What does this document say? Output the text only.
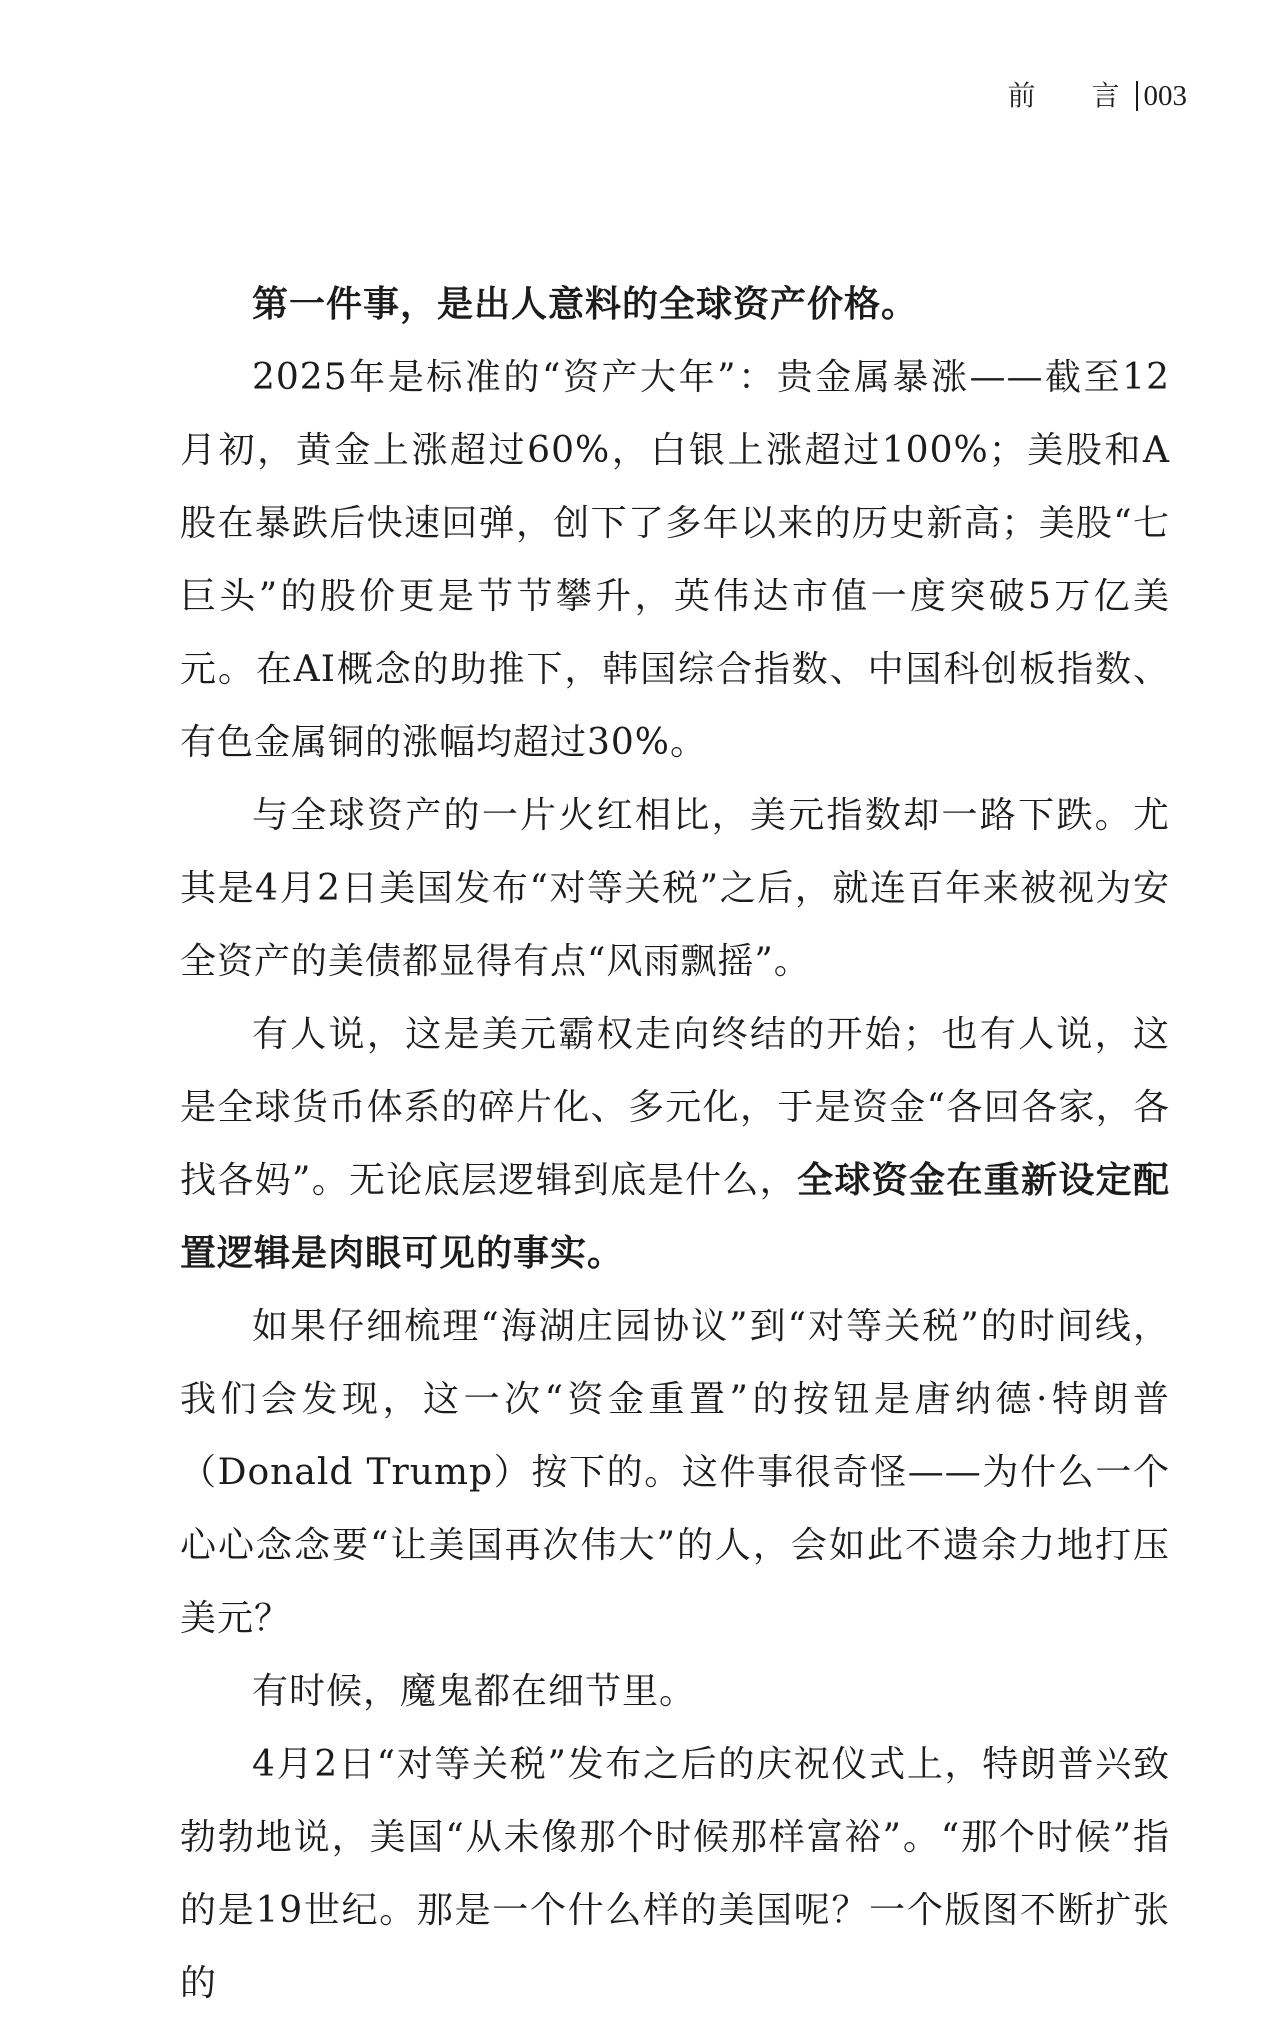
前　言 003

第一件事，是出人意料的全球资产价格。

2025年是标准的“资产大年”：贵金属暴涨——截至12月初，黄金上涨超过60%，白银上涨超过100%；美股和A股在暴跌后快速回弹，创下了多年以来的历史新高；美股“七巨头”的股价更是节节攀升，英伟达市值一度突破5万亿美元。在AI概念的助推下，韩国综合指数、中国科创板指数、有色金属铜的涨幅均超过30%。

与全球资产的一片火红相比，美元指数却一路下跌。尤其是4月2日美国发布“对等关税”之后，就连百年来被视为安全资产的美债都显得有点“风雨飘摇”。

有人说，这是美元霸权走向终结的开始；也有人说，这是全球货币体系的碎片化、多元化，于是资金“各回各家，各找各妈”。无论底层逻辑到底是什么，全球资金在重新设定配置逻辑是肉眼可见的事实。

如果仔细梳理“海湖庄园协议”到“对等关税”的时间线，我们会发现，这一次“资金重置”的按钮是唐纳德·特朗普（Donald Trump）按下的。这件事很奇怪——为什么一个心心念念要“让美国再次伟大”的人，会如此不遗余力地打压美元？

有时候，魔鬼都在细节里。

4月2日“对等关税”发布之后的庆祝仪式上，特朗普兴致勃勃地说，美国“从未像那个时候那样富裕”。“那个时候”指的是19世纪。那是一个什么样的美国呢？一个版图不断扩张的
